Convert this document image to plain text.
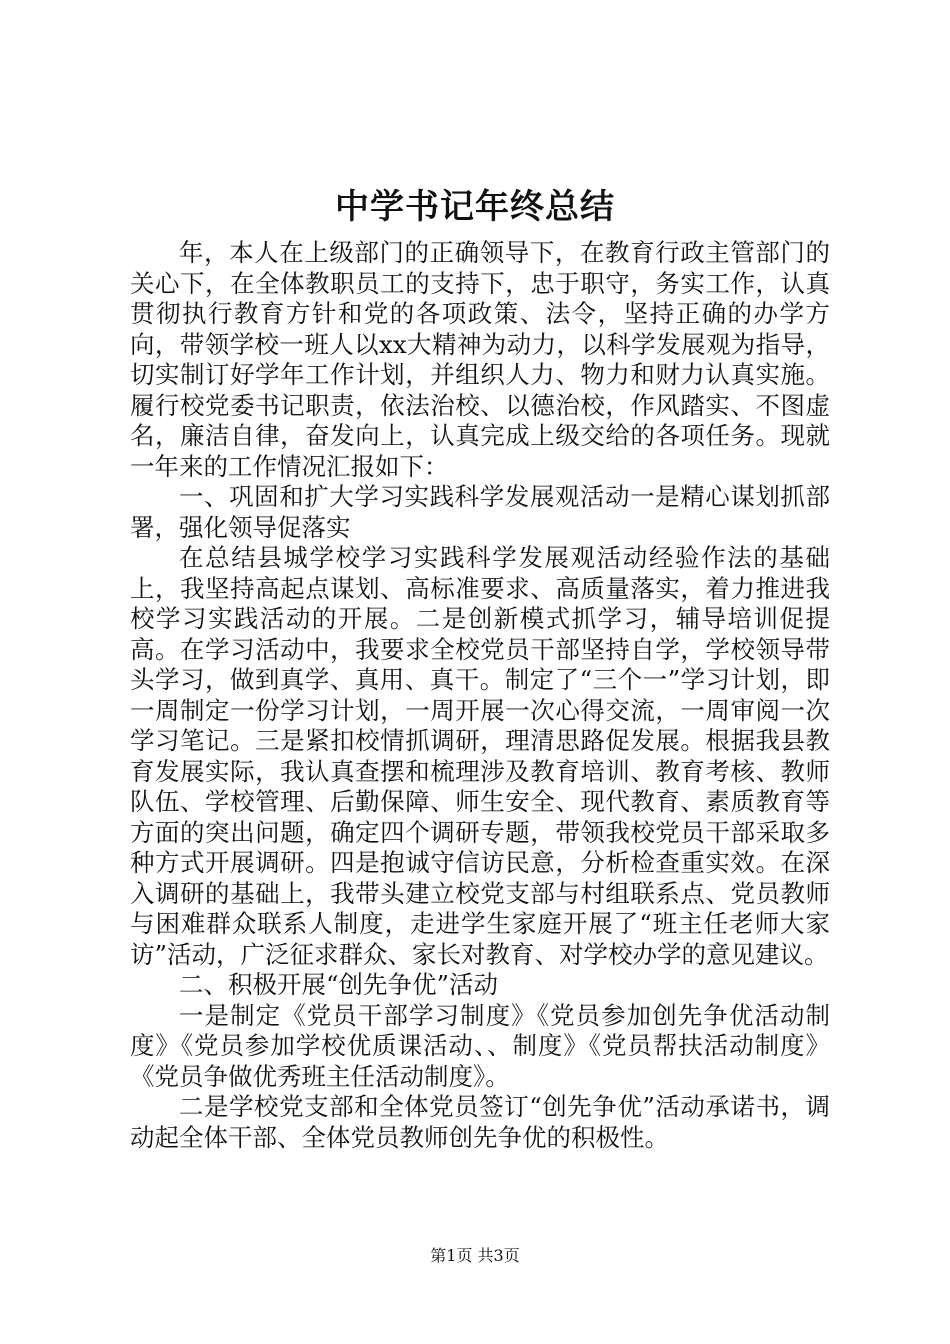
中学书记年终总结

年，本人在上级部门的正确领导下，在教育行政主管部门的关心下，在全体教职员工的支持下，忠于职守，务实工作，认真贯彻执行教育方针和党的各项政策、法令，坚持正确的办学方向，带领学校一班人以xx大精神为动力，以科学发展观为指导，切实制订好学年工作计划，并组织人力、物力和财力认真实施。履行校党委书记职责，依法治校、以德治校，作风踏实、不图虚名，廉洁自律，奋发向上，认真完成上级交给的各项任务。现就一年来的工作情况汇报如下：

一、巩固和扩大学习实践科学发展观活动一是精心谋划抓部署，强化领导促落实

在总结县城学校学习实践科学发展观活动经验作法的基础上，我坚持高起点谋划、高标准要求、高质量落实，着力推进我校学习实践活动的开展。二是创新模式抓学习，辅导培训促提高。在学习活动中，我要求全校党员干部坚持自学，学校领导带头学习，做到真学、真用、真干。制定了“三个一”学习计划，即一周制定一份学习计划，一周开展一次心得交流，一周审阅一次学习笔记。三是紧扣校情抓调研，理清思路促发展。根据我县教育发展实际，我认真查摆和梳理涉及教育培训、教育考核、教师队伍、学校管理、后勤保障、师生安全、现代教育、素质教育等方面的突出问题，确定四个调研专题，带领我校党员干部采取多种方式开展调研。四是抱诚守信访民意，分析检查重实效。在深入调研的基础上，我带头建立校党支部与村组联系点、党员教师与困难群众联系人制度，走进学生家庭开展了“班主任老师大家访”活动，广泛征求群众、家长对教育、对学校办学的意见建议。

二、积极开展“创先争优”活动

一是制定《党员干部学习制度》《党员参加创先争优活动制度》《党员参加学校优质课活动、、制度》《党员帮扶活动制度》《党员争做优秀班主任活动制度》。

二是学校党支部和全体党员签订“创先争优”活动承诺书，调动起全体干部、全体党员教师创先争优的积极性。

第1页 共3页
